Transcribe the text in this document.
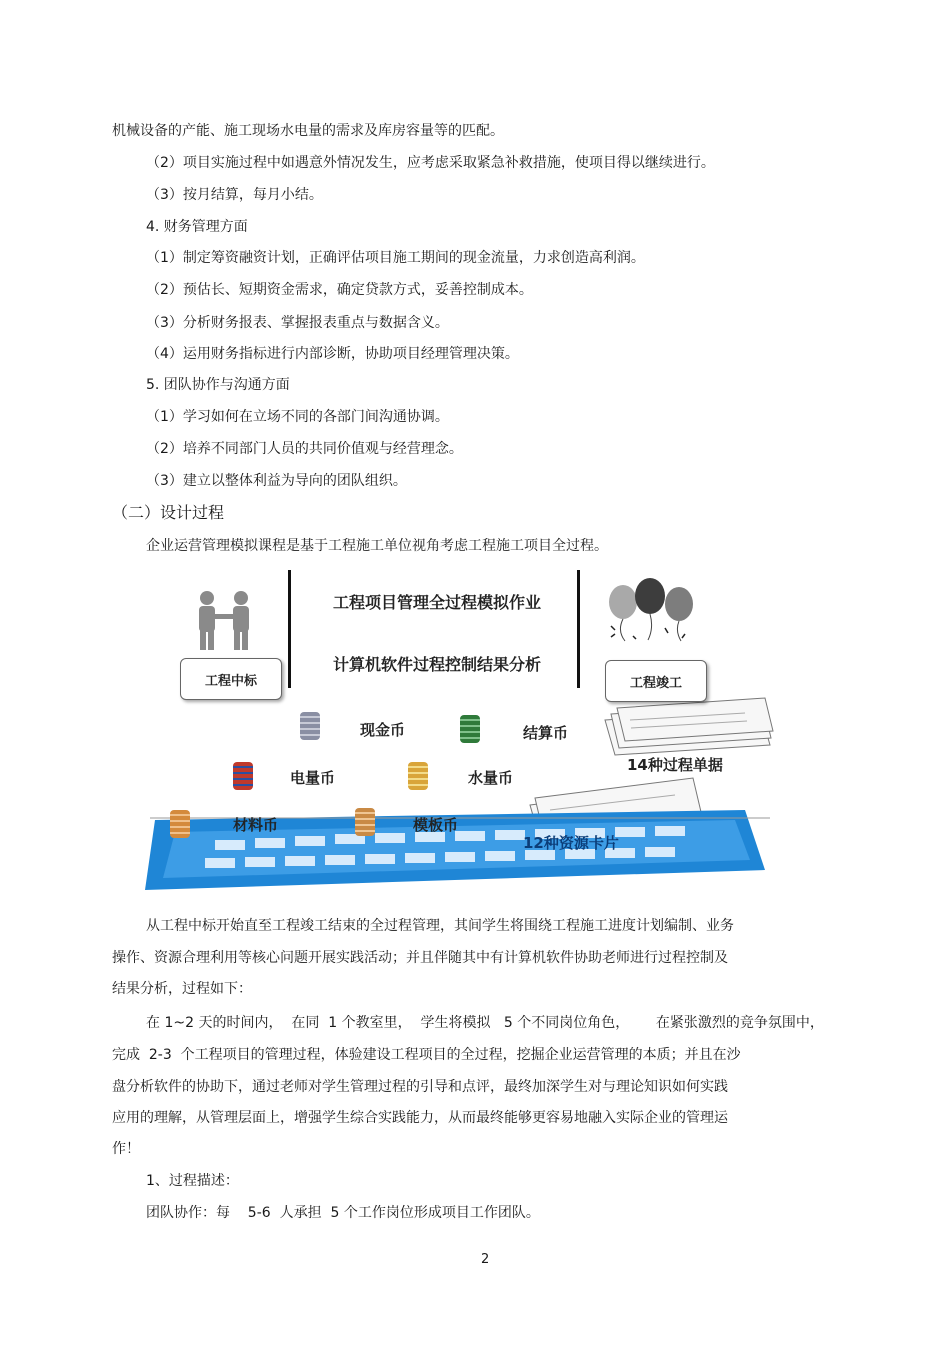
机械设备的产能、施工现场水电量的需求及库房容量等的匹配。
（2）项目实施过程中如遇意外情况发生，应考虑采取紧急补救措施，使项目得以继续进行。
（3）按月结算，每月小结。
4. 财务管理方面
（1）制定筹资融资计划，正确评估项目施工期间的现金流量，力求创造高利润。
（2）预估长、短期资金需求，确定贷款方式，妥善控制成本。
（3）分析财务报表、掌握报表重点与数据含义。
（4）运用财务指标进行内部诊断，协助项目经理管理决策。
5. 团队协作与沟通方面
（1）学习如何在立场不同的各部门间沟通协调。
（2）培养不同部门人员的共同价值观与经营理念。
（3）建立以整体利益为导向的团队组织。
（二）设计过程
企业运营管理模拟课程是基于工程施工单位视角考虑工程施工项目全过程。
工程中标
工程项目管理全过程模拟作业
计算机软件过程控制结果分析
工程竣工
现金币	结算币
电量币	水量币
材料币	模板币
14种过程单据
12种资源卡片
从工程中标开始直至工程竣工结束的全过程管理，其间学生将围绕工程施工进度计划编制、业务
操作、资源合理利用等核心问题开展实践活动；并且伴随其中有计算机软件协助老师进行过程控制及
结果分析，过程如下：
在 1~2 天的时间内，  在同  1 个教室里，  学生将模拟   5 个不同岗位角色，      在紧张激烈的竞争氛围中，
完成  2-3  个工程项目的管理过程，体验建设工程项目的全过程，挖掘企业运营管理的本质；并且在沙
盘分析软件的协助下，通过老师对学生管理过程的引导和点评，最终加深学生对与理论知识如何实践
应用的理解，从管理层面上，增强学生综合实践能力，从而最终能够更容易地融入实际企业的管理运
作！
1、过程描述：
团队协作：每    5-6  人承担  5 个工作岗位形成项目工作团队。
2
